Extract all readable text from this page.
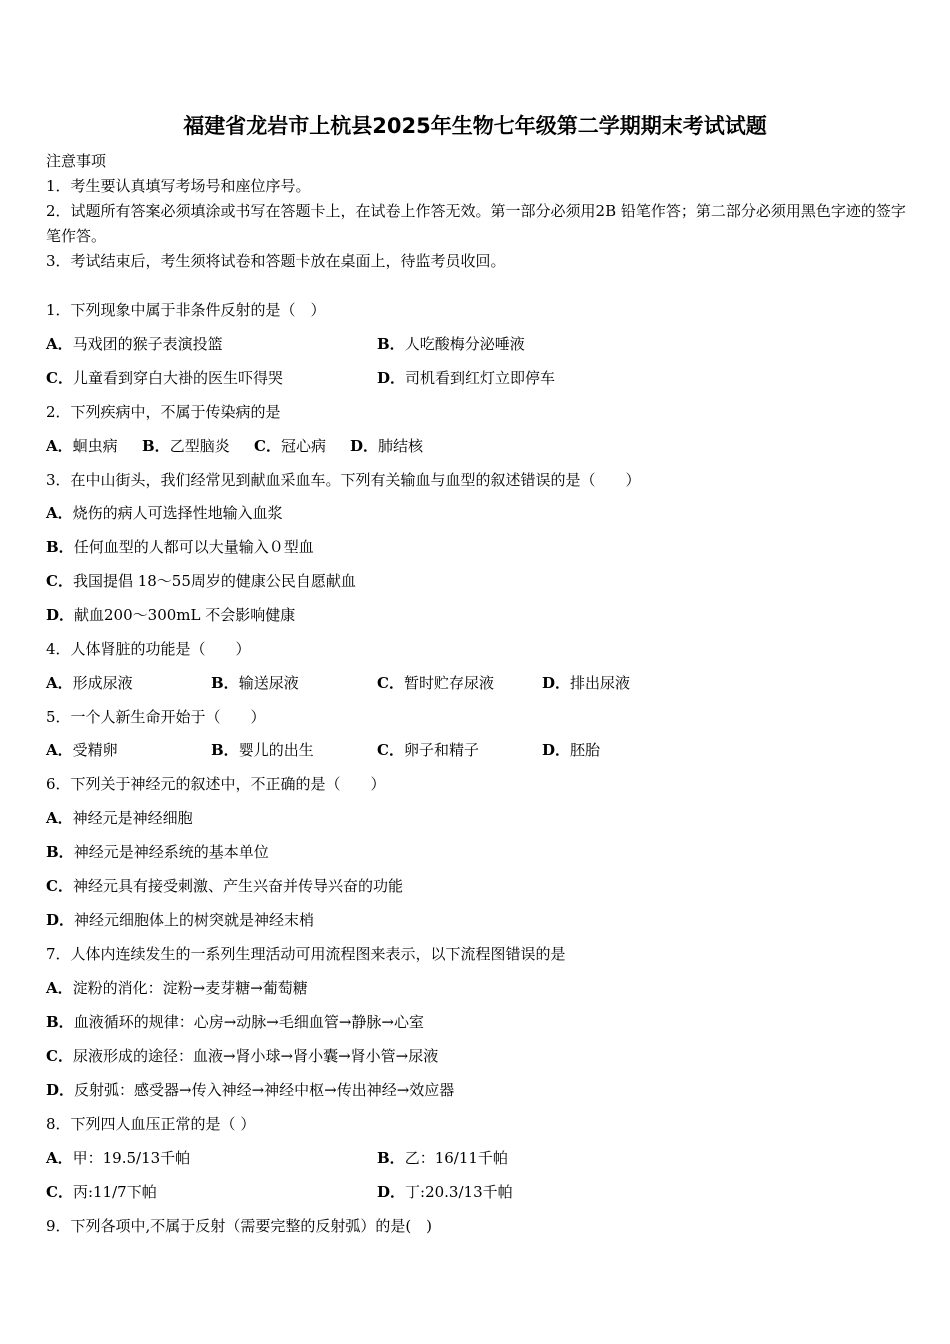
福建省龙岩市上杭县2025年生物七年级第二学期期末考试试题
注意事项
1．考生要认真填写考场号和座位序号。
2．试题所有答案必须填涂或书写在答题卡上，在试卷上作答无效。第一部分必须用2B 铅笔作答；第二部分必须用黑色字迹的签字笔作答。
3．考试结束后，考生须将试卷和答题卡放在桌面上，待监考员收回。
1．下列现象中属于非条件反射的是（　）
A．马戏团的猴子表演投篮	B．人吃酸梅分泌唾液
C．儿童看到穿白大褂的医生吓得哭	D．司机看到红灯立即停车
2．下列疾病中，不属于传染病的是
A．蛔虫病 B．乙型脑炎 C．冠心病 D．肺结核
3．在中山街头，我们经常见到献血采血车。下列有关输血与血型的叙述错误的是（　　）
A．烧伤的病人可选择性地输入血浆
B．任何血型的人都可以大量输入０型血
C．我国提倡 18～55周岁的健康公民自愿献血
D．献血200～300mL 不会影响健康
4．人体肾脏的功能是（　　）
A．形成尿液	B．输送尿液	C．暂时贮存尿液	D．排出尿液
5．一个人新生命开始于（　　）
A．受精卵	B．婴儿的出生	C．卵子和精子	D．胚胎
6．下列关于神经元的叙述中，不正确的是（　　）
A．神经元是神经细胞
B．神经元是神经系统的基本单位
C．神经元具有接受刺激、产生兴奋并传导兴奋的功能
D．神经元细胞体上的树突就是神经末梢
7．人体内连续发生的一系列生理活动可用流程图来表示，以下流程图错误的是
A．淀粉的消化：淀粉→麦芽糖→葡萄糖
B．血液循环的规律：心房→动脉→毛细血管→静脉→心室
C．尿液形成的途径：血液→肾小球→肾小囊→肾小管→尿液
D．反射弧：感受器→传入神经→神经中枢→传出神经→效应器
8．下列四人血压正常的是（ ）
A．甲：19.5/13千帕	B．乙：16/11千帕
C．丙:11/7下帕	D．丁:20.3/13千帕
9．下列各项中,不属于反射（需要完整的反射弧）的是(　)
